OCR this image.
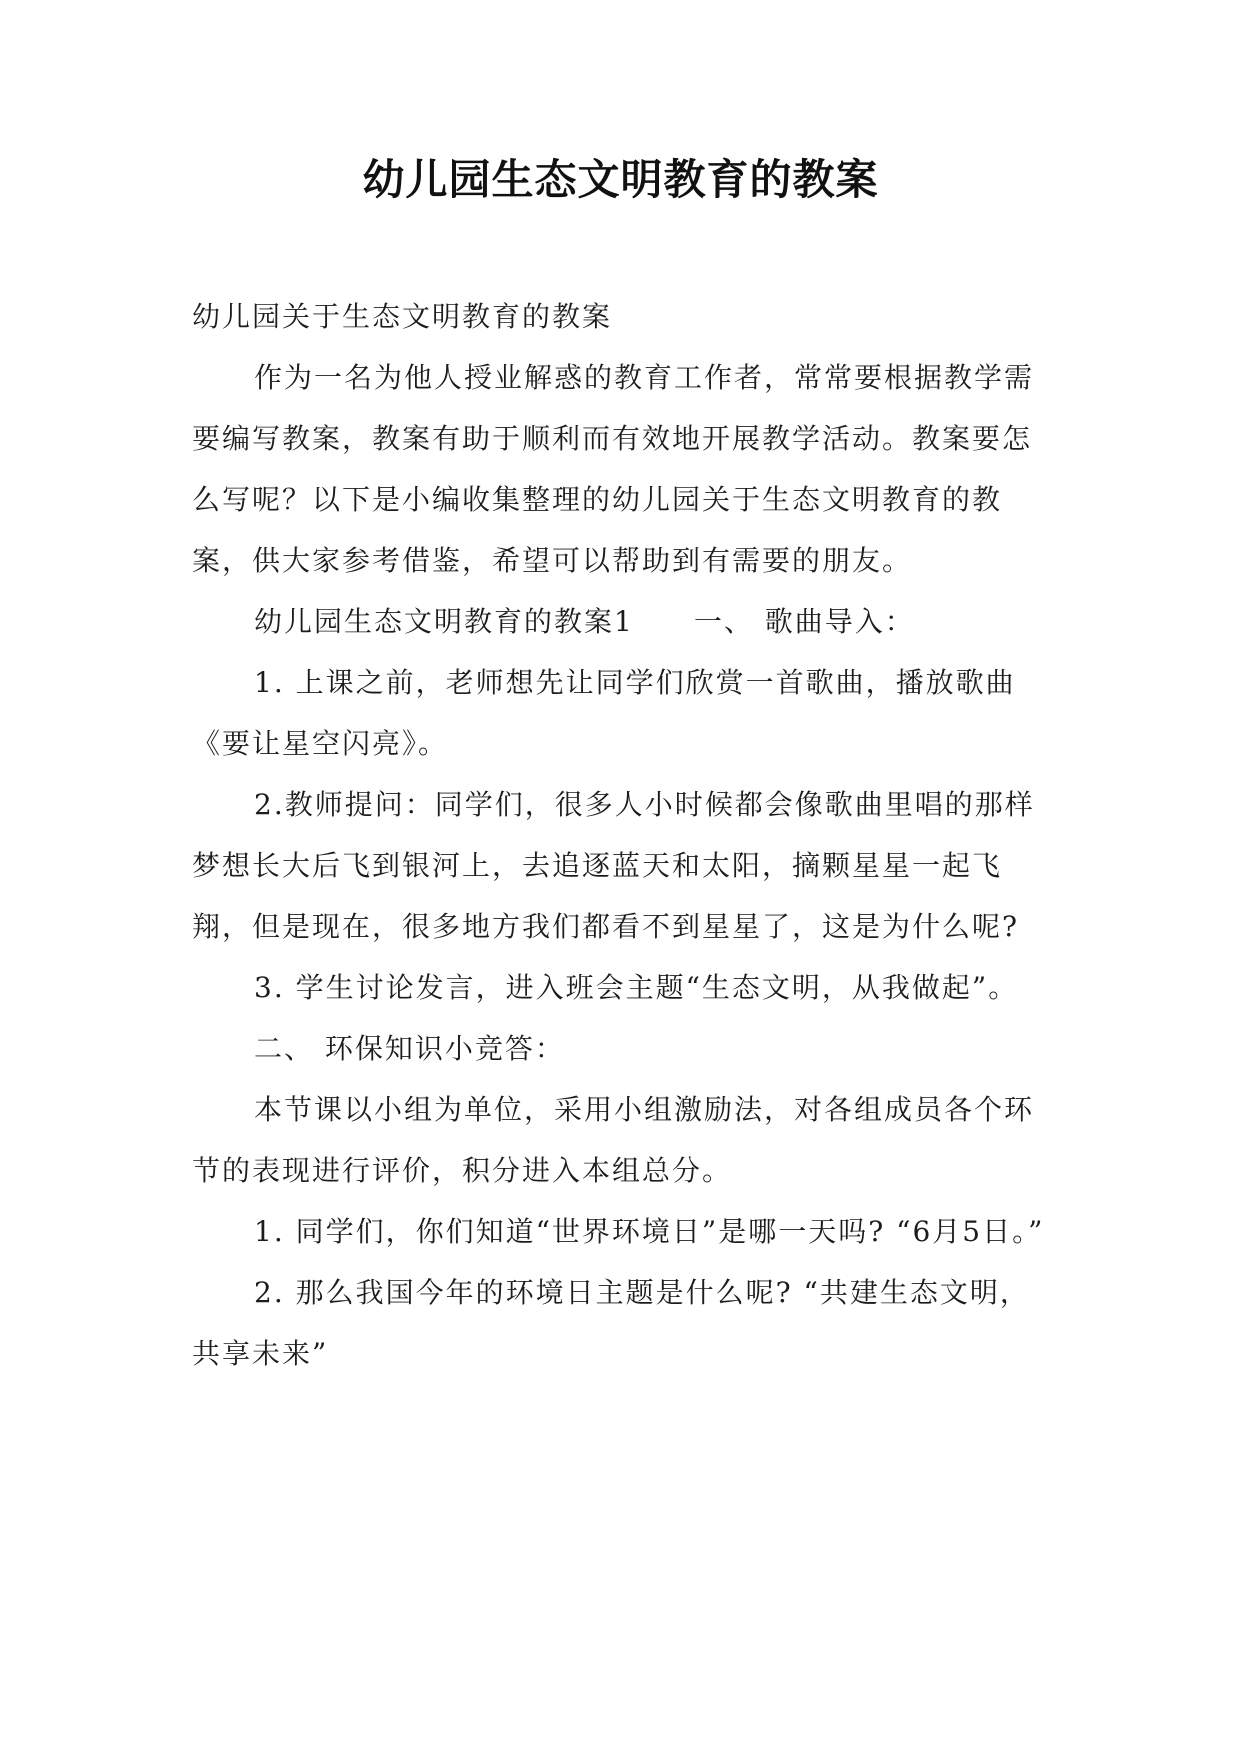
幼儿园生态文明教育的教案

幼儿园关于生态文明教育的教案

作为一名为他人授业解惑的教育工作者，常常要根据教学需要编写教案，教案有助于顺利而有效地开展教学活动。教案要怎么写呢？以下是小编收集整理的幼儿园关于生态文明教育的教案，供大家参考借鉴，希望可以帮助到有需要的朋友。

幼儿园生态文明教育的教案1　　一、 歌曲导入：

1. 上课之前，老师想先让同学们欣赏一首歌曲，播放歌曲《要让星空闪亮》。

2.教师提问：同学们，很多人小时候都会像歌曲里唱的那样梦想长大后飞到银河上，去追逐蓝天和太阳，摘颗星星一起飞翔，但是现在，很多地方我们都看不到星星了，这是为什么呢?

3. 学生讨论发言，进入班会主题“生态文明，从我做起”。

二、 环保知识小竞答：

本节课以小组为单位，采用小组激励法，对各组成员各个环节的表现进行评价，积分进入本组总分。

1. 同学们，你们知道“世界环境日”是哪一天吗? “6月5日。”

2. 那么我国今年的环境日主题是什么呢? “共建生态文明，共享未来”
